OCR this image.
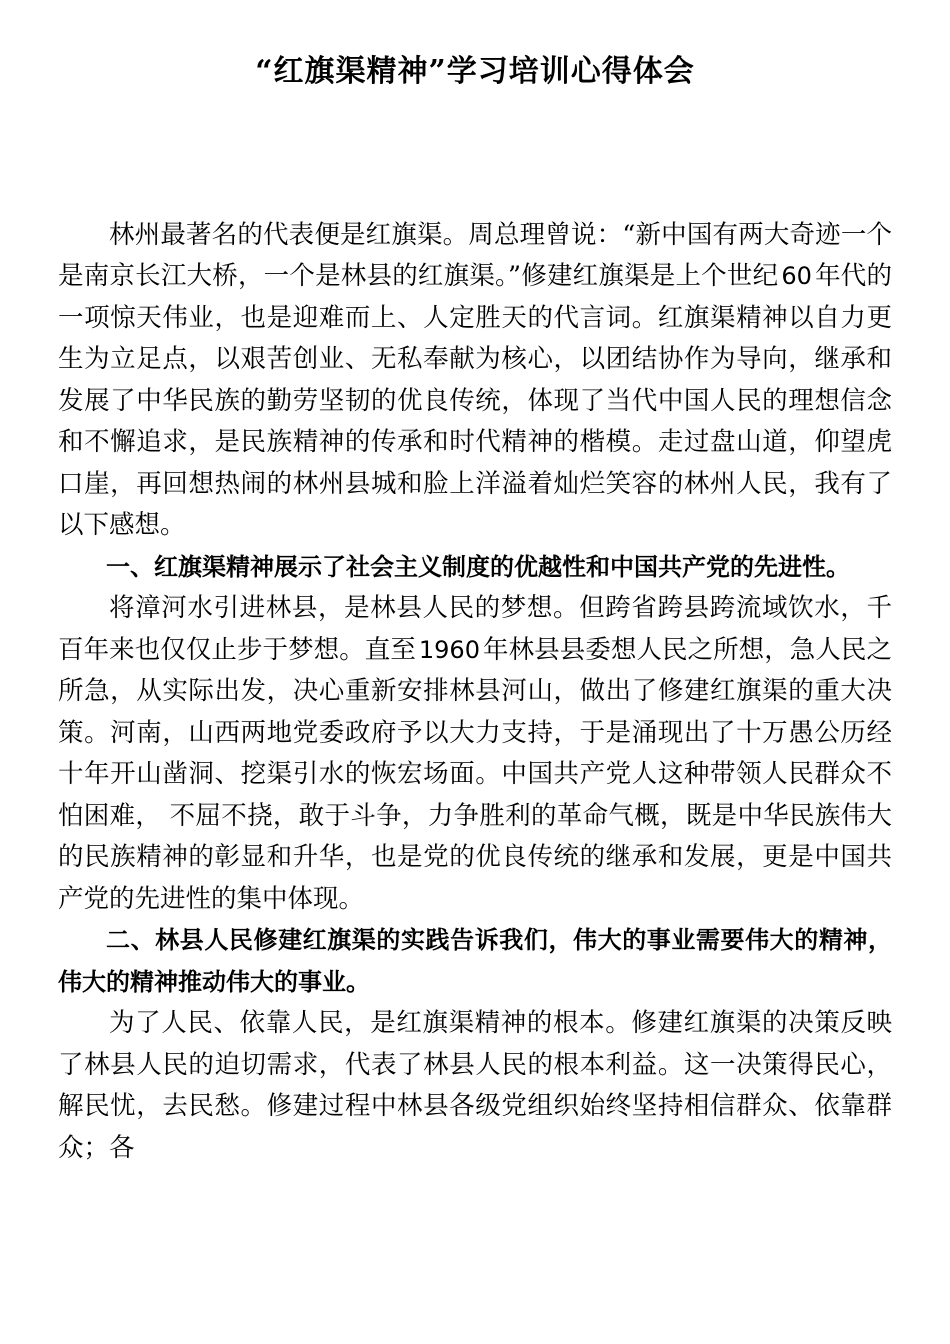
“红旗渠精神”学习培训心得体会

林州最著名的代表便是红旗渠。周总理曾说：“新中国有两大奇迹一个是南京长江大桥，一个是林县的红旗渠。”修建红旗渠是上个世纪 60 年代的一项惊天伟业，也是迎难而上、人定胜天的代言词。红旗渠精神以自力更生为立足点，以艰苦创业、无私奉献为核心，以团结协作为导向，继承和发展了中华民族的勤劳坚韧的优良传统，体现了当代中国人民的理想信念和不懈追求，是民族精神的传承和时代精神的楷模。走过盘山道，仰望虎口崖，再回想热闹的林州县城和脸上洋溢着灿烂笑容的林州人民，我有了以下感想。

一、红旗渠精神展示了社会主义制度的优越性和中国共产党的先进性。

将漳河水引进林县，是林县人民的梦想。但跨省跨县跨流域饮水，千百年来也仅仅止步于梦想。直至 1960 年林县县委想人民之所想，急人民之所急，从实际出发，决心重新安排林县河山，做出了修建红旗渠的重大决策。河南，山西两地党委政府予以大力支持，于是涌现出了十万愚公历经十年开山凿洞、挖渠引水的恢宏场面。中国共产党人这种带领人民群众不怕困难， 不屈不挠，敢于斗争，力争胜利的革命气概，既是中华民族伟大的民族精神的彰显和升华，也是党的优良传统的继承和发展，更是中国共产党的先进性的集中体现。

二、林县人民修建红旗渠的实践告诉我们，伟大的事业需要伟大的精神，伟大的精神推动伟大的事业。

为了人民、依靠人民，是红旗渠精神的根本。修建红旗渠的决策反映了林县人民的迫切需求，代表了林县人民的根本利益。这一决策得民心，解民忧，去民愁。修建过程中林县各级党组织始终坚持相信群众、依靠群众；各
